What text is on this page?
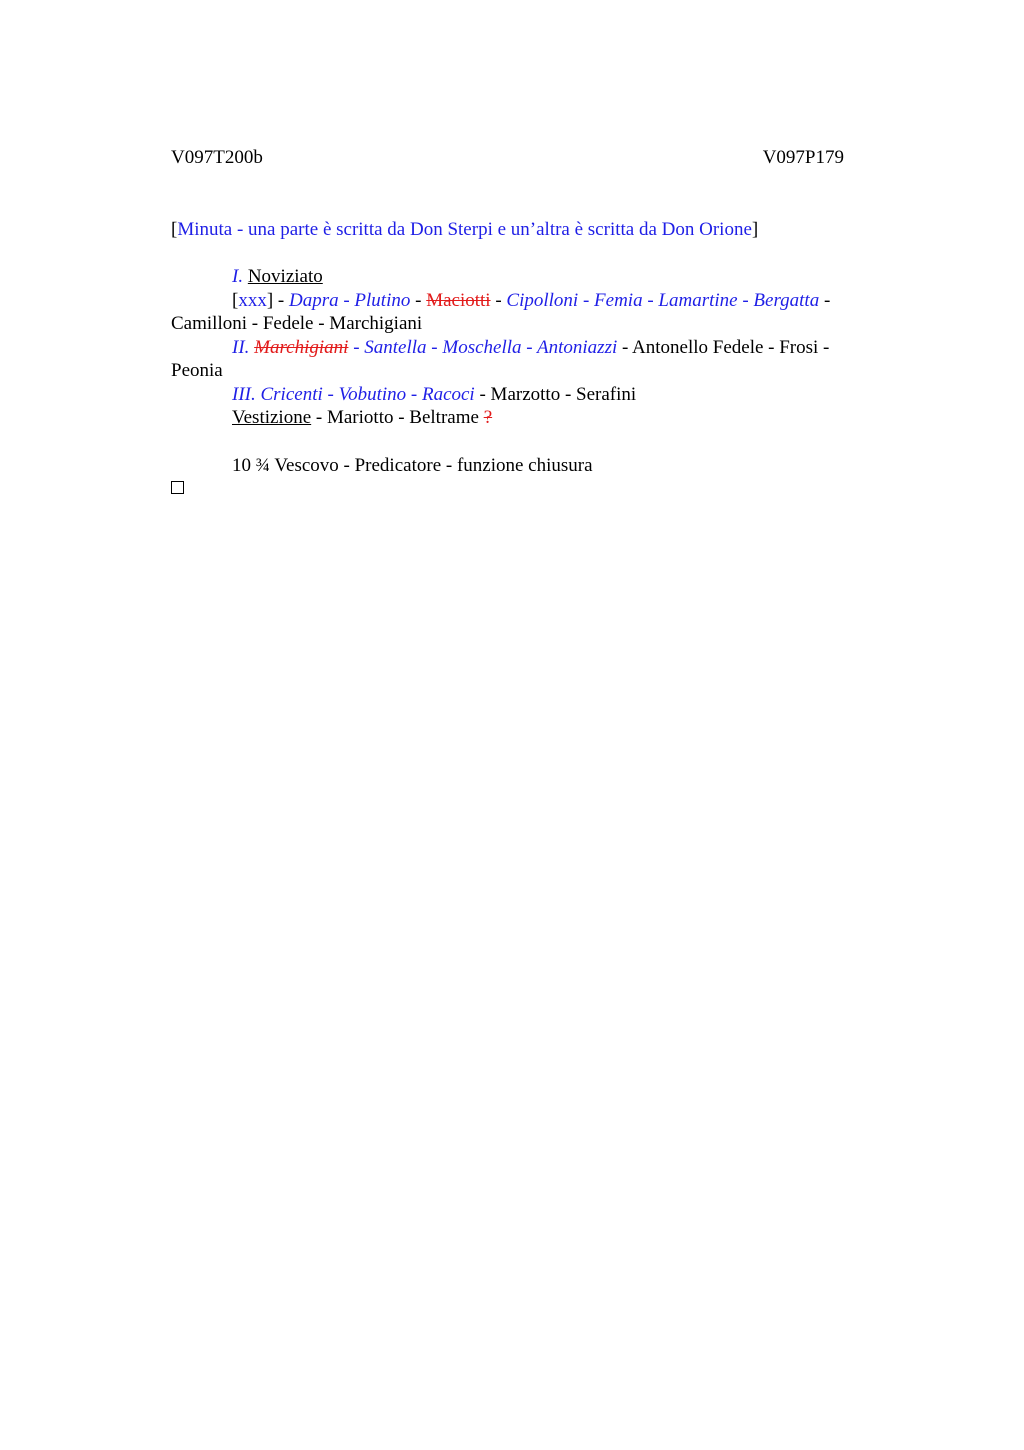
V097T200b	V097P179
[Minuta - una parte è scritta da Don Sterpi e un’altra è scritta da Don Orione]
I. Noviziato
[xxx] - Dapra - Plutino - Maciotti - Cipolloni - Femia - Lamartine - Bergatta - Camilloni - Fedele - Marchigiani
II. Marchigiani - Santella - Moschella - Antoniazzi - Antonello Fedele - Frosi - Peonia
III. Cricenti - Vobutino - Racoci - Marzotto - Serafini
Vestizione - Mariotto - Beltrame ?
10 ¾ Vescovo - Predicatore - funzione chiusura
